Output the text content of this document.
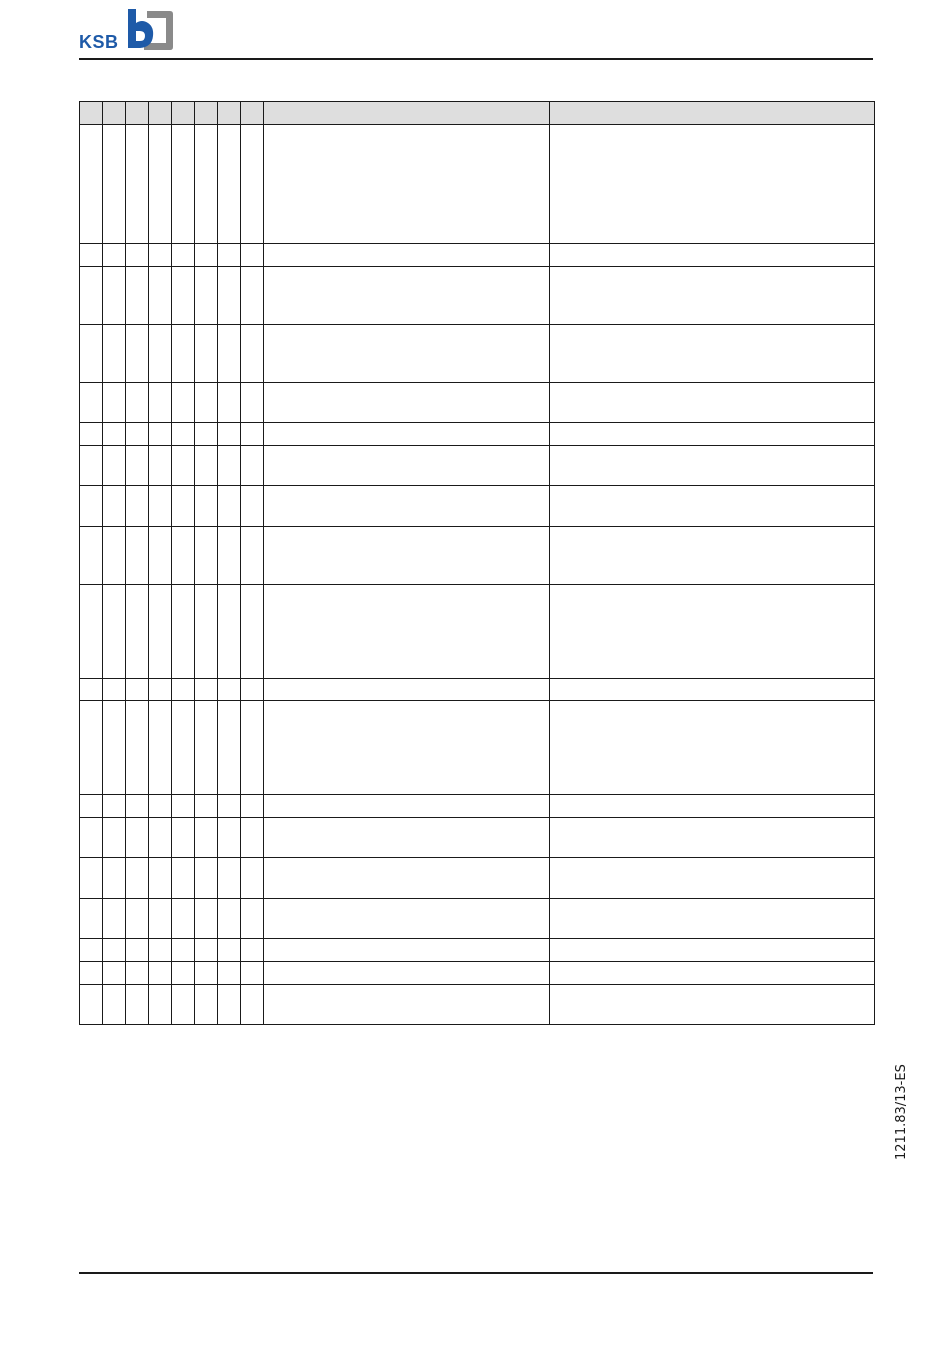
KSB

1211.83/13-ES
